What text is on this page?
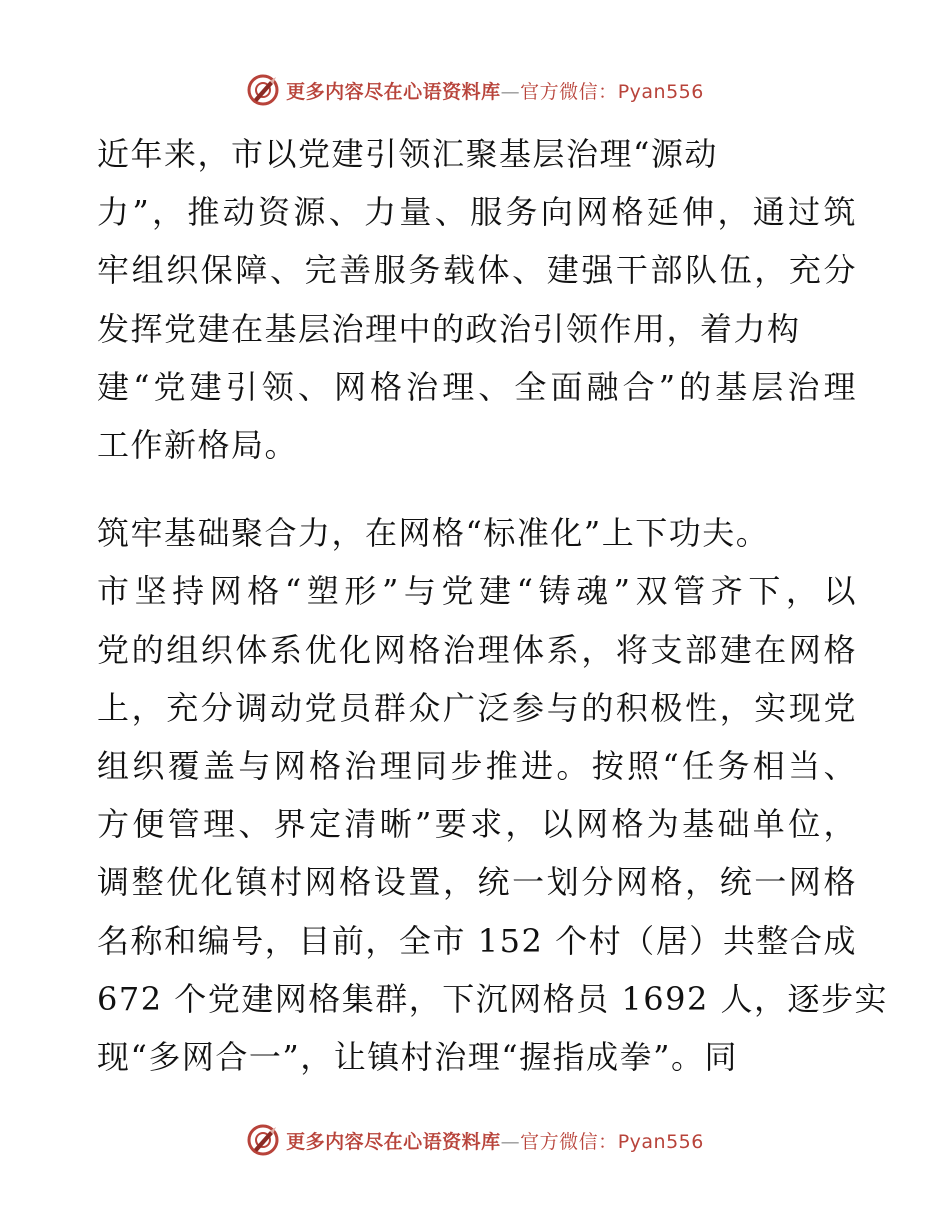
更多内容尽在心语资料库—官方微信：Pyan556

近年来，市以党建引领汇聚基层治理“源动
力”，推动资源、力量、服务向网格延伸，通过筑
牢组织保障、完善服务载体、建强干部队伍，充分
发挥党建在基层治理中的政治引领作用，着力构
建“党建引领、网格治理、全面融合”的基层治理
工作新格局。

筑牢基础聚合力，在网格“标准化”上下功夫。
市坚持网格“塑形”与党建“铸魂”双管齐下，以
党的组织体系优化网格治理体系，将支部建在网格
上，充分调动党员群众广泛参与的积极性，实现党
组织覆盖与网格治理同步推进。按照“任务相当、
方便管理、界定清晰”要求，以网格为基础单位，
调整优化镇村网格设置，统一划分网格，统一网格
名称和编号，目前，全市 152 个村（居）共整合成
672 个党建网格集群，下沉网格员 1692 人，逐步实
现“多网合一”，让镇村治理“握指成拳”。同

更多内容尽在心语资料库—官方微信：Pyan556
